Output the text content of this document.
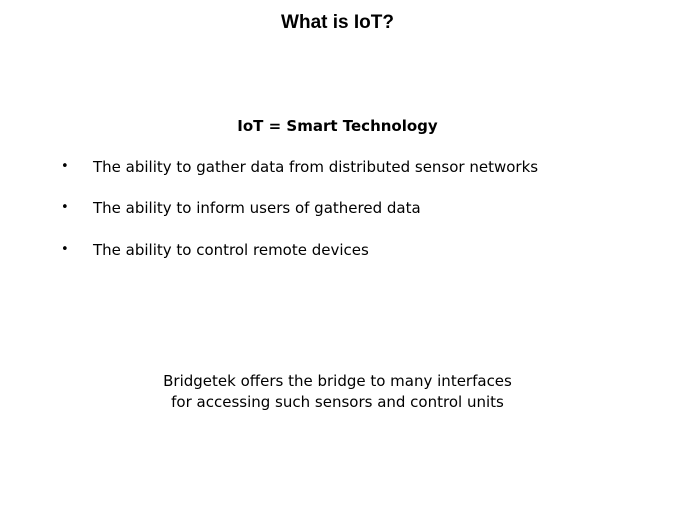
What is IoT?
IoT = Smart Technology
• The ability to gather data from distributed sensor networks
• The ability to inform users of gathered data
• The ability to control remote devices
Bridgetek offers the bridge to many interfaces
for accessing such sensors and control units
